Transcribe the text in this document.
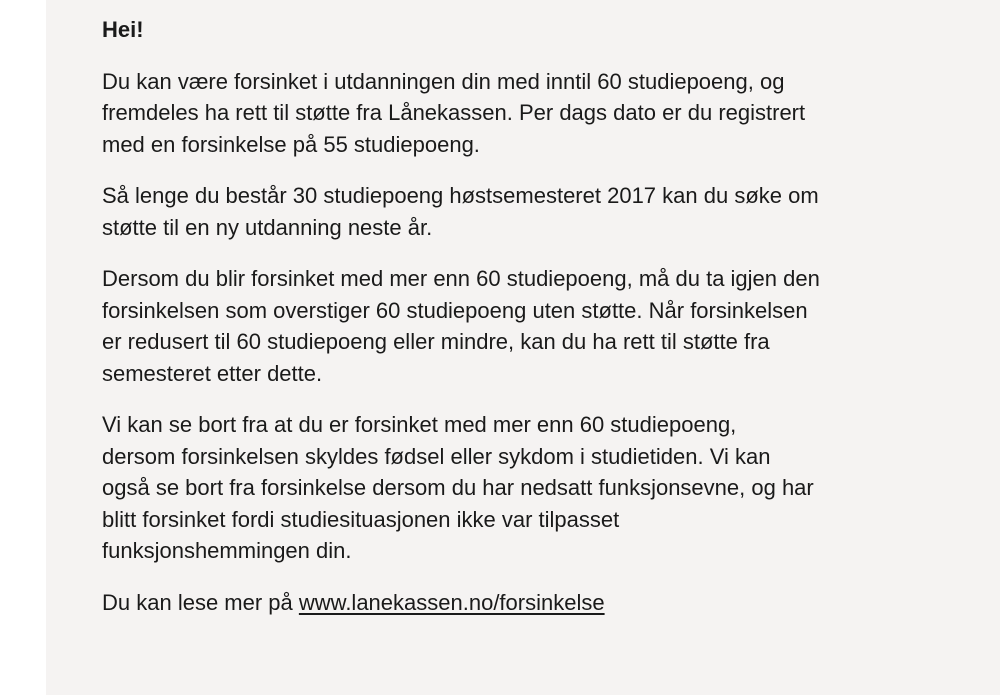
Hei!

Du kan være forsinket i utdanningen din med inntil 60 studiepoeng, og
fremdeles ha rett til støtte fra Lånekassen. Per dags dato er du registrert
med en forsinkelse på 55 studiepoeng.

Så lenge du består 30 studiepoeng høstsemesteret 2017 kan du søke om
støtte til en ny utdanning neste år.

Dersom du blir forsinket med mer enn 60 studiepoeng, må du ta igjen den
forsinkelsen som overstiger 60 studiepoeng uten støtte. Når forsinkelsen
er redusert til 60 studiepoeng eller mindre, kan du ha rett til støtte fra
semesteret etter dette.

Vi kan se bort fra at du er forsinket med mer enn 60 studiepoeng,
dersom forsinkelsen skyldes fødsel eller sykdom i studietiden. Vi kan
også se bort fra forsinkelse dersom du har nedsatt funksjonsevne, og har
blitt forsinket fordi studiesituasjonen ikke var tilpasset
funksjonshemmingen din.

Du kan lese mer på www.lanekassen.no/forsinkelse
